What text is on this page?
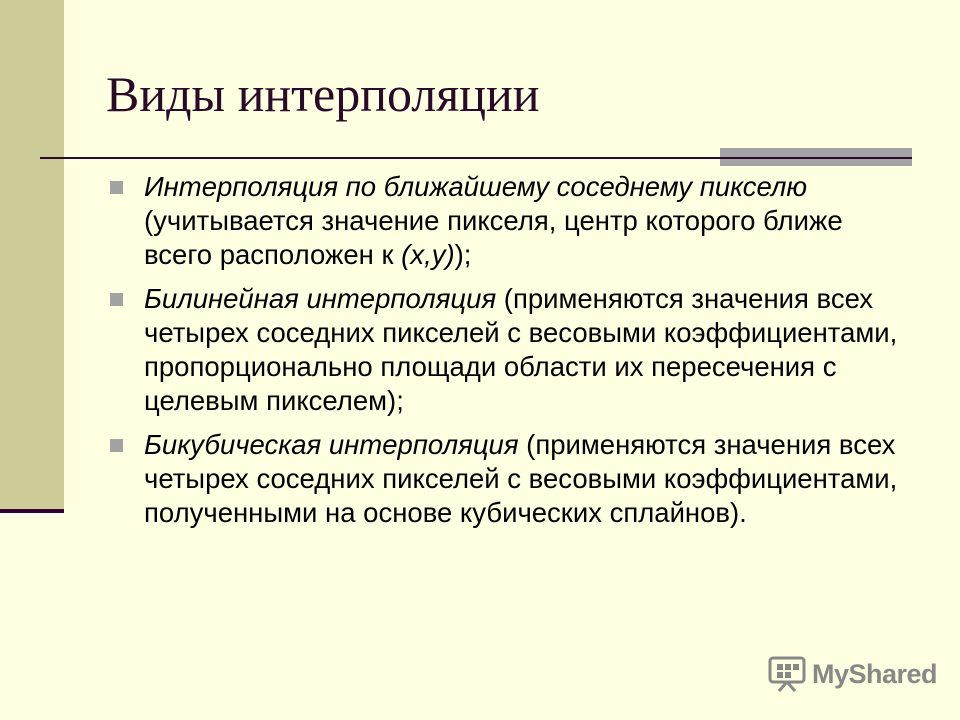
Виды интерполяции
Интерполяция по ближайшему соседнему пикселю (учитывается значение пикселя, центр которого ближе всего расположен к (x,y));
Билинейная интерполяция (применяются значения всех четырех соседних пикселей с весовыми коэффициентами, пропорционально площади области их пересечения с целевым пикселем);
Бикубическая интерполяция (применяются значения всех четырех соседних пикселей с весовыми коэффициентами, полученными на основе кубических сплайнов).
MyShared
